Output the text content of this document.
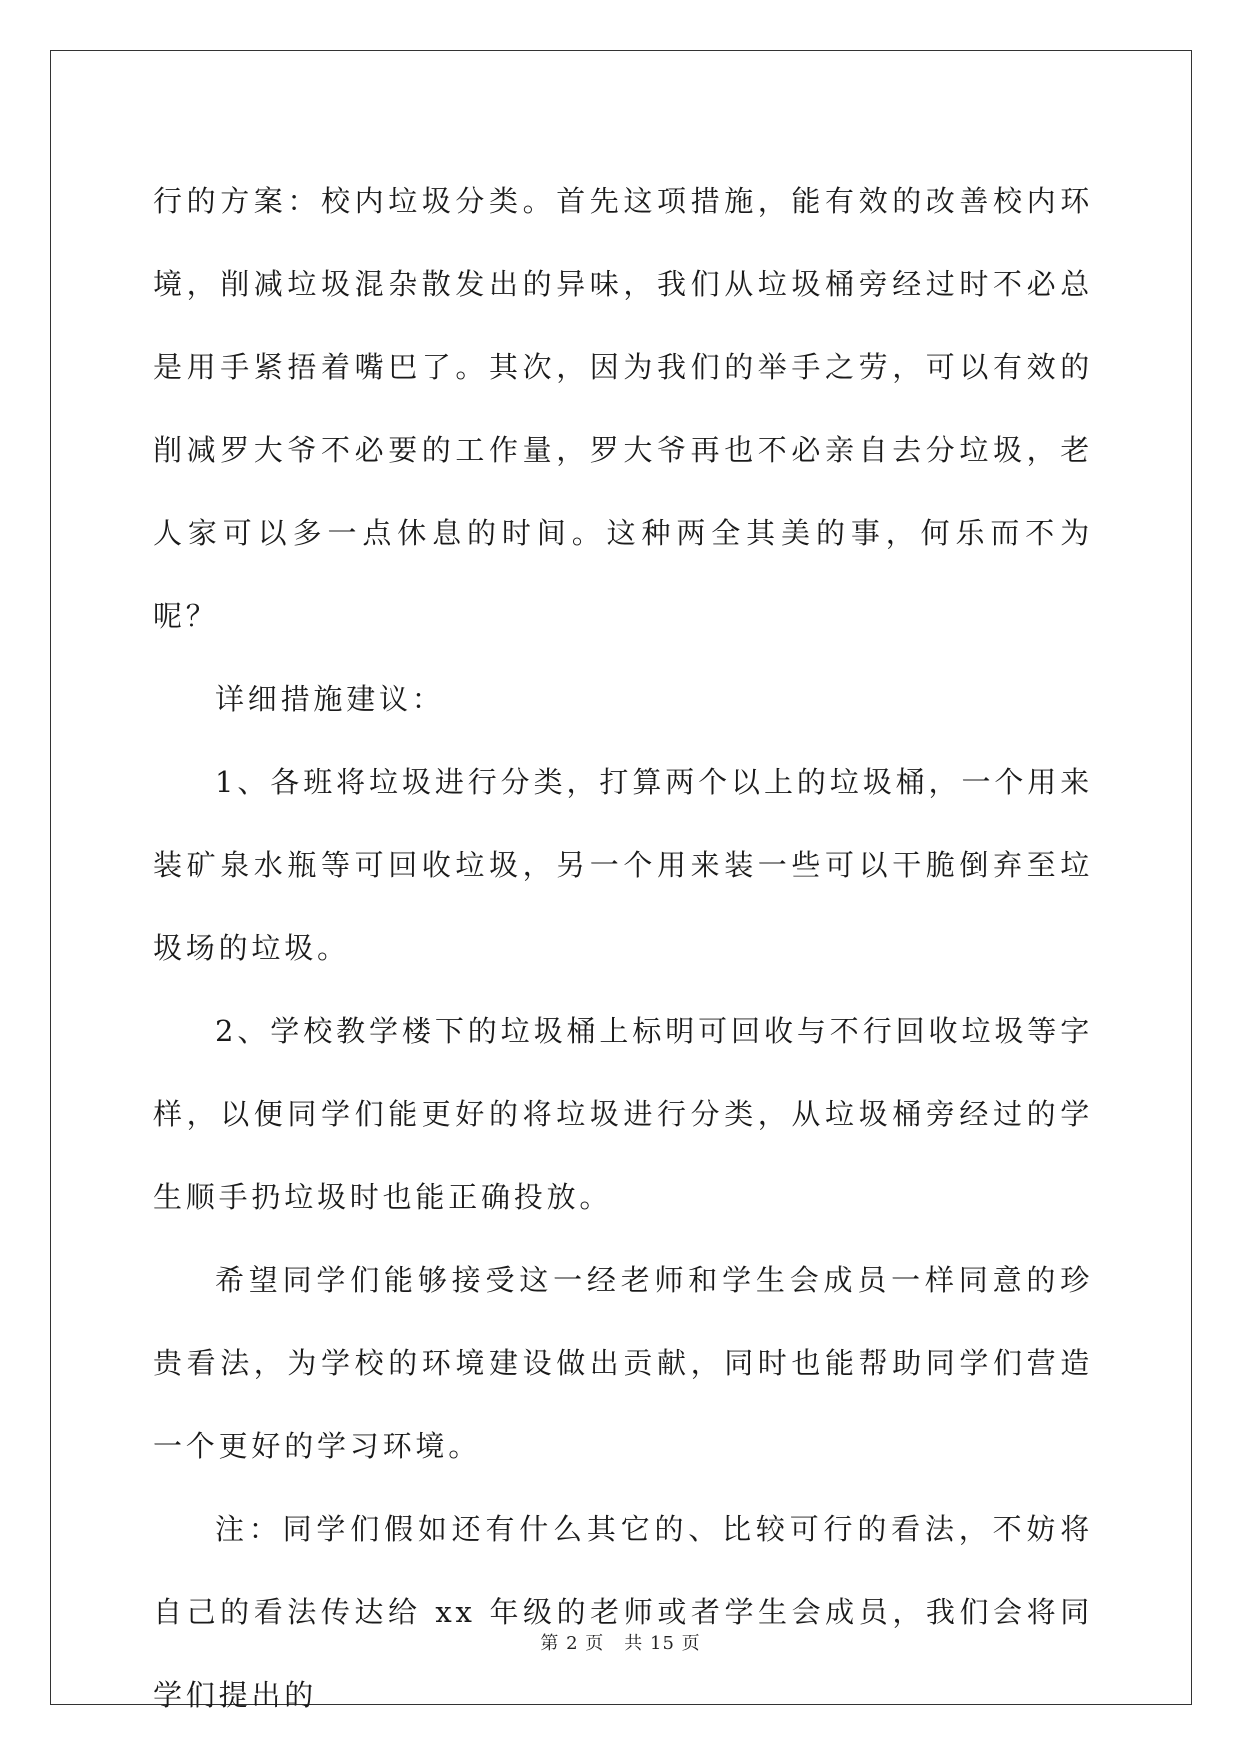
行的方案：校内垃圾分类。首先这项措施，能有效的改善校内环境，削减垃圾混杂散发出的异味，我们从垃圾桶旁经过时不必总是用手紧捂着嘴巴了。其次，因为我们的举手之劳，可以有效的削减罗大爷不必要的工作量，罗大爷再也不必亲自去分垃圾，老人家可以多一点休息的时间。这种两全其美的事，何乐而不为呢？

详细措施建议：

1、各班将垃圾进行分类，打算两个以上的垃圾桶，一个用来装矿泉水瓶等可回收垃圾，另一个用来装一些可以干脆倒弃至垃圾场的垃圾。

2、学校教学楼下的垃圾桶上标明可回收与不行回收垃圾等字样，以便同学们能更好的将垃圾进行分类，从垃圾桶旁经过的学生顺手扔垃圾时也能正确投放。

希望同学们能够接受这一经老师和学生会成员一样同意的珍贵看法，为学校的环境建设做出贡献，同时也能帮助同学们营造一个更好的学习环境。

注：同学们假如还有什么其它的、比较可行的看法，不妨将自己的看法传达给 xx 年级的老师或者学生会成员，我们会将同学们提出的

第 2 页 共 15 页
